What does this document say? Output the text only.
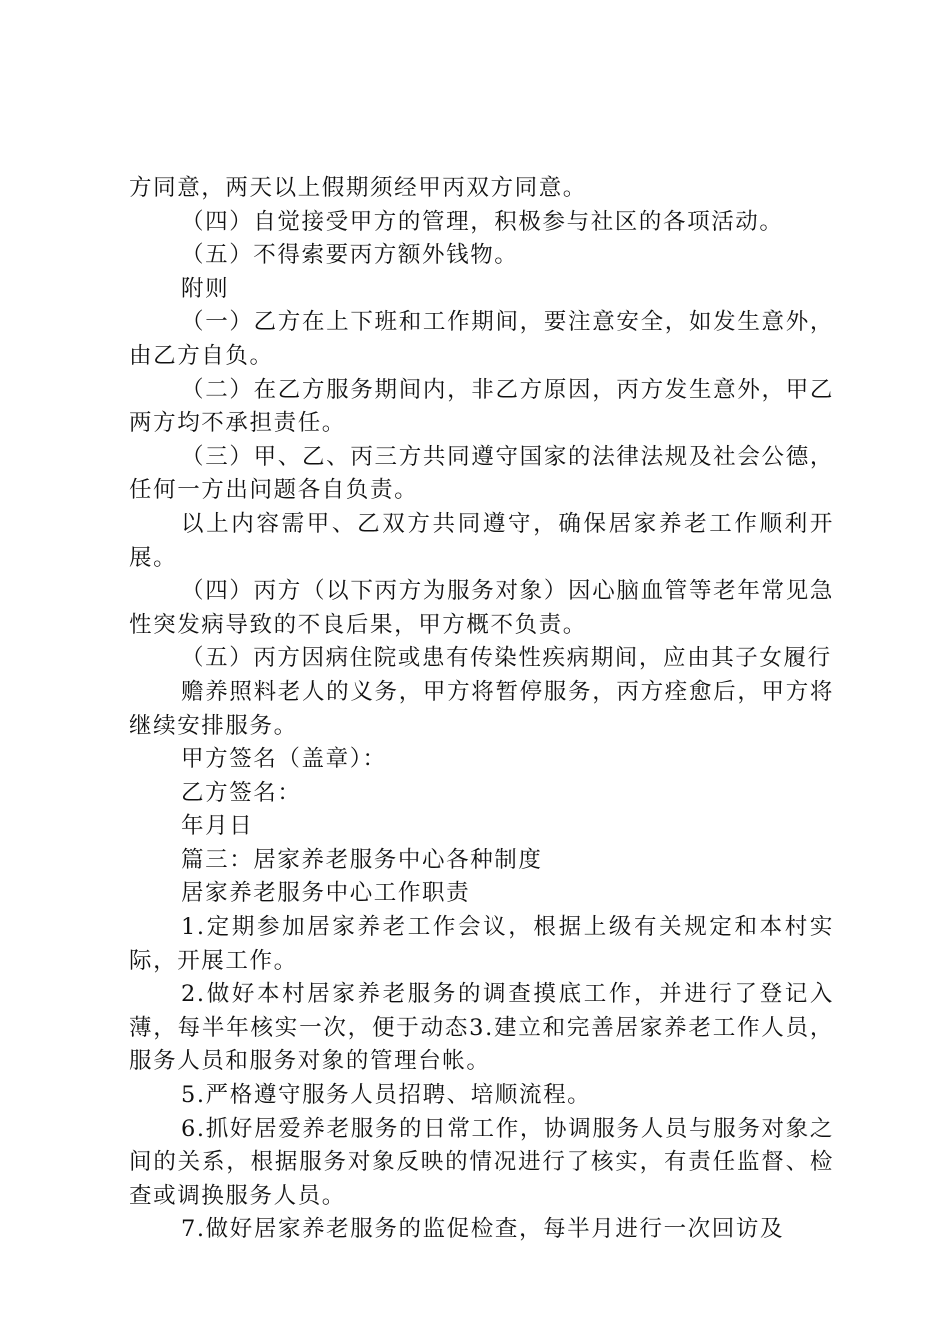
方同意，两天以上假期须经甲丙双方同意。

（四）自觉接受甲方的管理，积极参与社区的各项活动。

（五）不得索要丙方额外钱物。

附则

（一）乙方在上下班和工作期间，要注意安全，如发生意外，由乙方自负。

（二）在乙方服务期间内，非乙方原因，丙方发生意外，甲乙两方均不承担责任。

（三）甲、乙、丙三方共同遵守国家的法律法规及社会公德，任何一方出问题各自负责。

以上内容需甲、乙双方共同遵守，确保居家养老工作顺利开展。

（四）丙方（以下丙方为服务对象）因心脑血管等老年常见急性突发病导致的不良后果，甲方概不负责。

（五）丙方因病住院或患有传染性疾病期间，应由其子女履行

赡养照料老人的义务，甲方将暂停服务，丙方痊愈后，甲方将继续安排服务。

甲方签名（盖章）：

乙方签名：

年月日

篇三：居家养老服务中心各种制度

居家养老服务中心工作职责

1.定期参加居家养老工作会议，根据上级有关规定和本村实际，开展工作。

2.做好本村居家养老服务的调查摸底工作，并进行了登记入薄，每半年核实一次，便于动态3.建立和完善居家养老工作人员，服务人员和服务对象的管理台帐。

5.严格遵守服务人员招聘、培顺流程。

6.抓好居爱养老服务的日常工作，协调服务人员与服务对象之间的关系，根据服务对象反映的情况进行了核实，有责任监督、检查或调换服务人员。

7.做好居家养老服务的监促检查，每半月进行一次回访及
